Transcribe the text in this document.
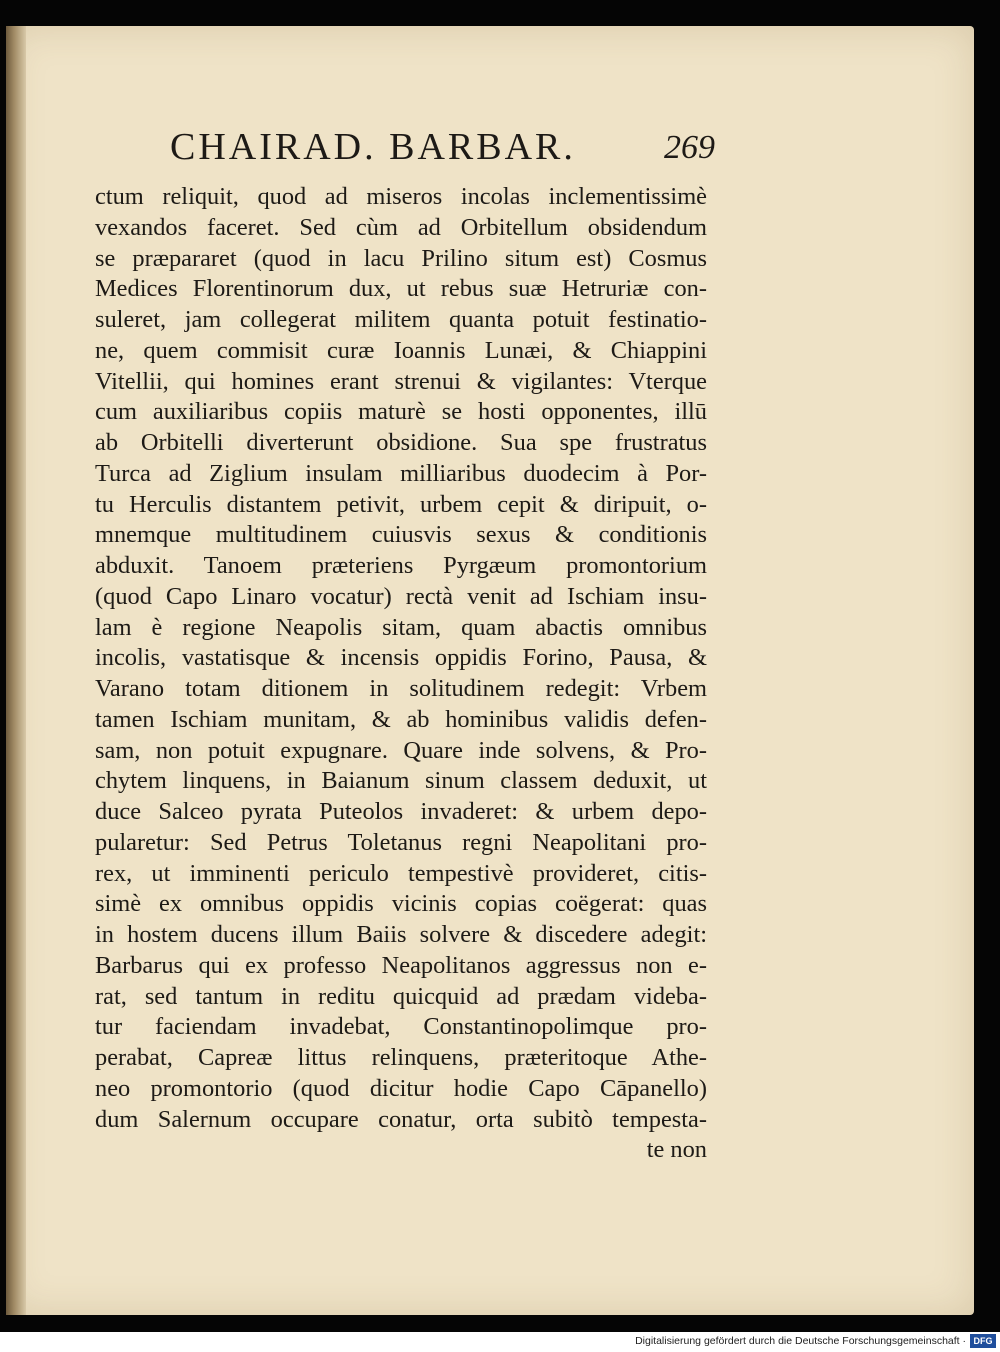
CHAIRAD. BARBAR.	269
ctum reliquit, quod ad miseros incolas inclementissimè
vexandos faceret. Sed cùm ad Orbitellum obsidendum
se præpararet (quod in lacu Prilino situm est) Cosmus
Medices Florentinorum dux, ut rebus suæ Hetruriæ con-
suleret, jam collegerat militem quanta potuit festinatio-
ne, quem commisit curæ Ioannis Lunæi, & Chiappini
Vitellii, qui homines erant strenui & vigilantes: Vterque
cum auxiliaribus copiis maturè se hosti opponentes, illū
ab Orbitelli diverterunt obsidione. Sua spe frustratus
Turca ad Ziglium insulam milliaribus duodecim à Por-
tu Herculis distantem petivit, urbem cepit & diripuit, o-
mnemque multitudinem cuiusvis sexus & conditionis
abduxit. Tanoem præteriens Pyrgæum promontorium
(quod Capo Linaro vocatur) rectà venit ad Ischiam insu-
lam è regione Neapolis sitam, quam abactis omnibus
incolis, vastatisque & incensis oppidis Forino, Pausa, &
Varano totam ditionem in solitudinem redegit: Vrbem
tamen Ischiam munitam, & ab hominibus validis defen-
sam, non potuit expugnare. Quare inde solvens, & Pro-
chytem linquens, in Baianum sinum classem deduxit, ut
duce Salceo pyrata Puteolos invaderet: & urbem depo-
pularetur: Sed Petrus Toletanus regni Neapolitani pro-
rex, ut imminenti periculo tempestivè provideret, citis-
simè ex omnibus oppidis vicinis copias coëgerat: quas
in hostem ducens illum Baiis solvere & discedere adegit:
Barbarus qui ex professo Neapolitanos aggressus non e-
rat, sed tantum in reditu quicquid ad prædam videba-
tur faciendam invadebat, Constantinopolimque pro-
perabat, Capreæ littus relinquens, præteritoque Athe-
neo promontorio (quod dicitur hodie Capo Cāpanello)
dum Salernum occupare conatur, orta subitò tempesta-
te non
Digitalisierung gefördert durch die Deutsche Forschungsgemeinschaft · DFG
